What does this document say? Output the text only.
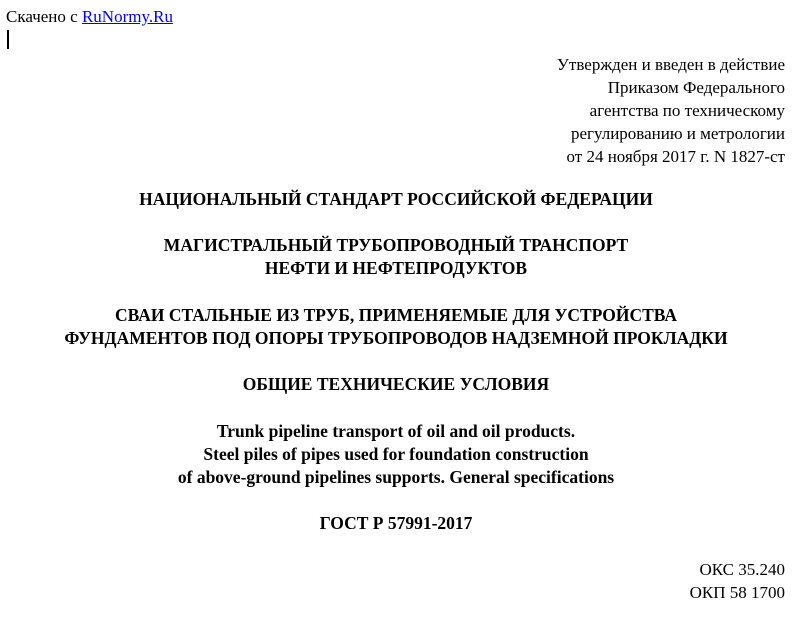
Скачено с RuNormy.Ru
Утвержден и введен в действие
Приказом Федерального
агентства по техническому
регулированию и метрологии
от 24 ноября 2017 г. N 1827-ст
НАЦИОНАЛЬНЫЙ СТАНДАРТ РОССИЙСКОЙ ФЕДЕРАЦИИ
МАГИСТРАЛЬНЫЙ ТРУБОПРОВОДНЫЙ ТРАНСПОРТ
НЕФТИ И НЕФТЕПРОДУКТОВ
СВАИ СТАЛЬНЫЕ ИЗ ТРУБ, ПРИМЕНЯЕМЫЕ ДЛЯ УСТРОЙСТВА
ФУНДАМЕНТОВ ПОД ОПОРЫ ТРУБОПРОВОДОВ НАДЗЕМНОЙ ПРОКЛАДКИ
ОБЩИЕ ТЕХНИЧЕСКИЕ УСЛОВИЯ
Trunk pipeline transport of oil and oil products.
Steel piles of pipes used for foundation construction
of above-ground pipelines supports. General specifications
ГОСТ Р 57991-2017
ОКС 35.240
ОКП 58 1700
